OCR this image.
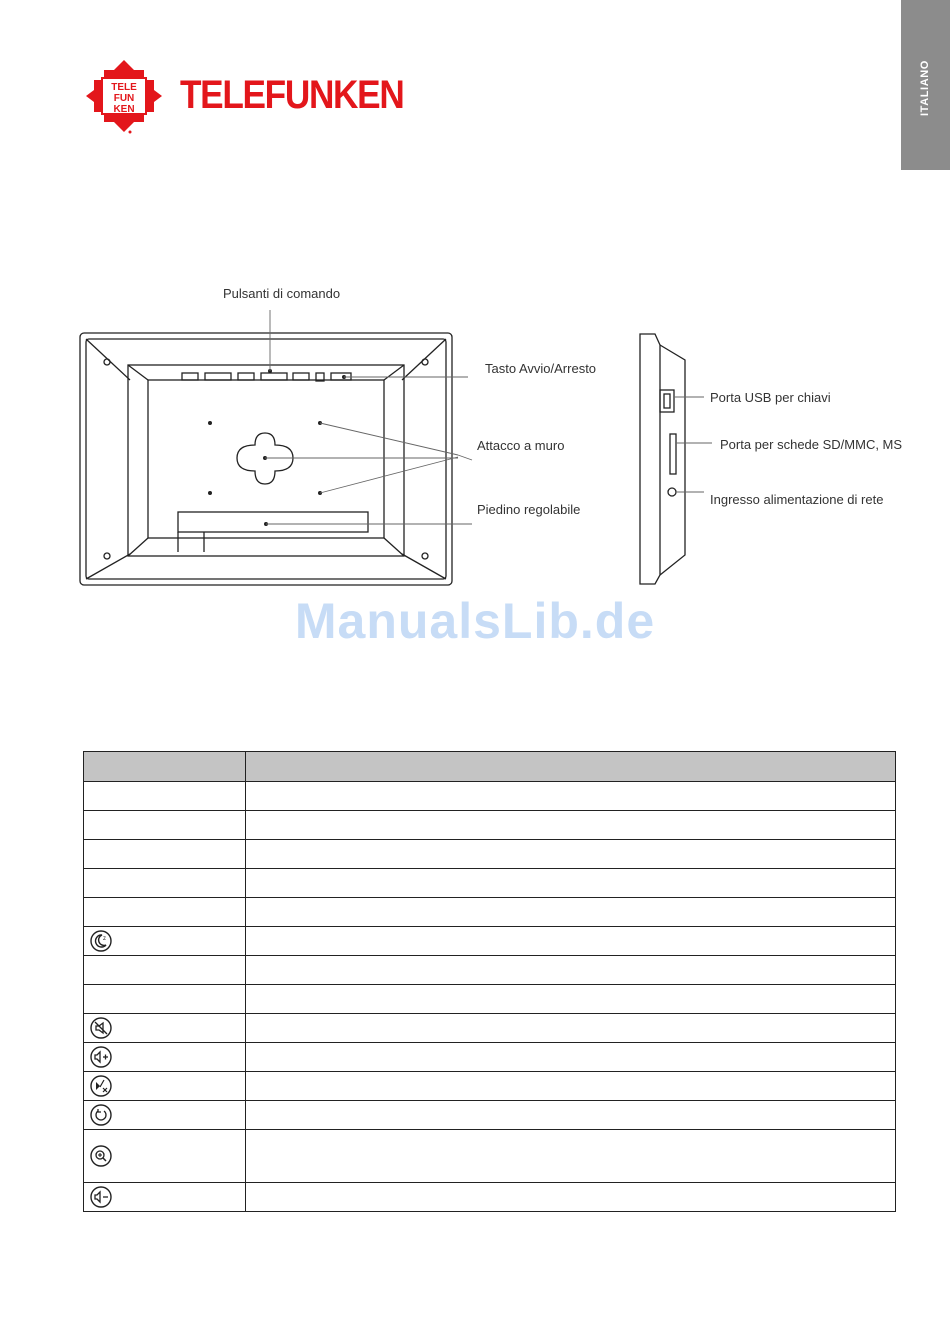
ITALIANO
TELE
FUN
KEN TELEFUNKEN
Pulsanti di comando
Tasto Avvio/Arresto
Attacco a muro
Piedino regolabile
Porta USB per chiavi
Porta per schede SD/MMC, MS
Ingresso alimentazione di rete
ManualsLib.de

z	
